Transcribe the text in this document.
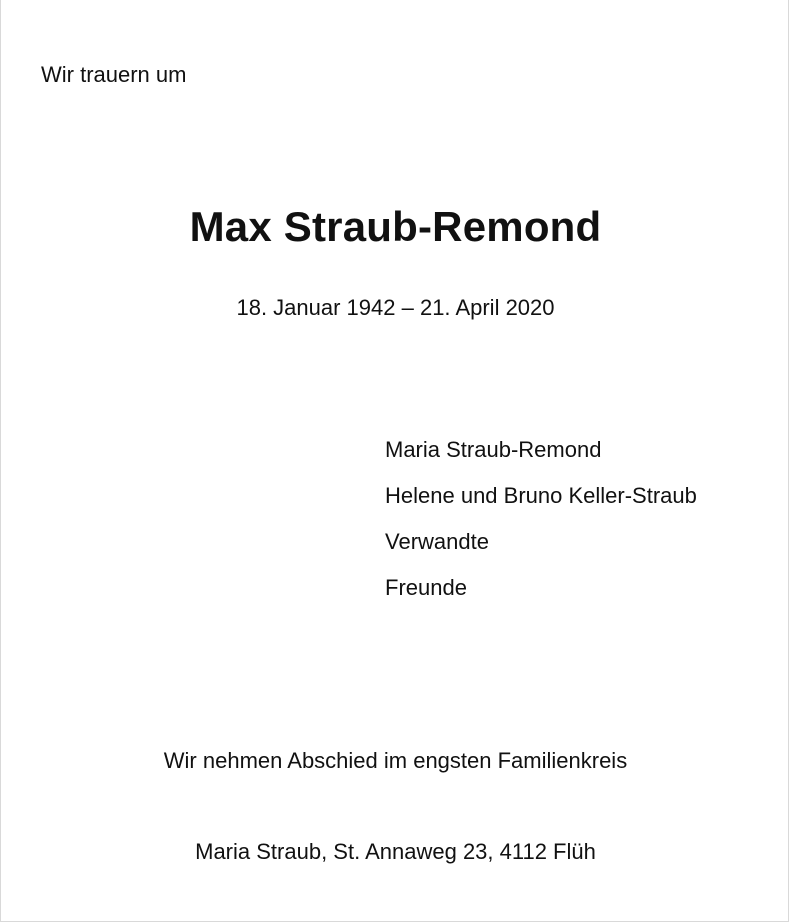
Wir trauern um
Max Straub-Remond
18. Januar 1942 – 21. April 2020
Maria Straub-Remond
Helene und Bruno Keller-Straub
Verwandte
Freunde
Wir nehmen Abschied im engsten Familienkreis
Maria Straub, St. Annaweg 23, 4112 Flüh
